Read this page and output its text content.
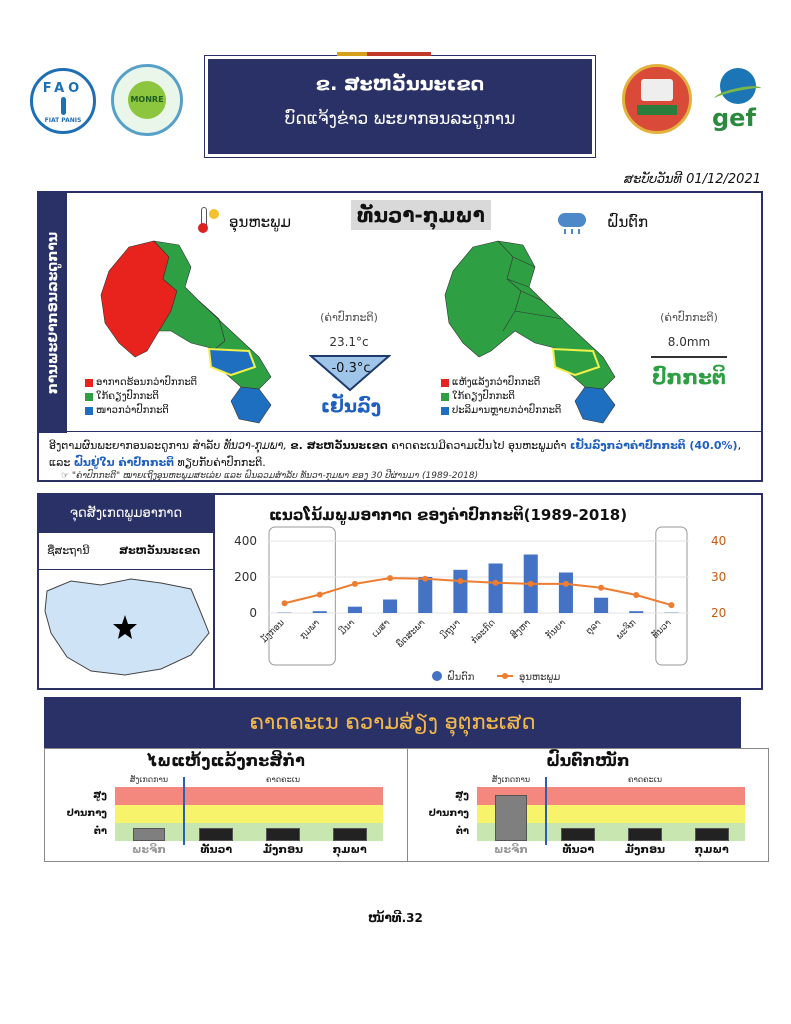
FAO
FIAT PANIS
MONRE
ຂ. ສະຫວັນນະເຂດ
ບົດແຈ້ງຂ່າວ ພະຍາກອນລະດູການ	gef
ສະບັບວັນທີ 01/12/2021
ການພະຍາກອນລະດູການ
ທັນວາ-ກຸມພາ
ອຸນຫະພູມ	ຝົນຕົກ
ອາກາດຮ້ອນກວ່າປົກກະຕິ
ໃກ້ຄຽງປົກກະຕິ
ໜາວກວ່າປົກກະຕິ
(ຄ່າປົກກະຕິ)
23.1°c
-0.3°c
ເຢັນລົງ
ແຫ້ງແລ້ງກວ່າປົກກະຕິ
ໃກ້ຄຽງປົກກະຕິ
ປະລິມານຫຼາຍກວ່າປົກກະຕິ
(ຄ່າປົກກະຕິ)
8.0mm
ປົກກະຕິ
ອີງຕາມຜົນພະຍາກອນລະດູການ ສຳລັບ ທັນວາ-ກຸມພາ, ຂ. ສະຫວັນນະເຂດ ຄາດຄະເນມີຄວາມເປັນໄປ ອຸນຫະພູມຕ່ຳ ເຢັນລົງກວ່າຄ່າປົກກະຕິ (40.0%), ແລະ ຝົນຢູ່ໃນ ຄ່າປົກກະຕິ ທຽບກັບຄ່າປົກກະຕິ.
☞ "ຄ່າປົກກະຕິ" ໝາຍເຖິງອຸນຫະພູມສະເລ່ຍ ແລະ ຝົນລວມສຳລັບ ທັນວາ-ກຸມພາ ຂອງ 30 ປີຜ່ານມາ (1989-2018)
ຈຸດສັງເກດພູມອາກາດ
ຊື່ສະຖານີ	ສະຫວັນນະເຂດ
ແນວໂນ້ມພູມອາກາດ ຂອງຄ່າປົກກະຕິ(1989-2018)
400
200
0
40
30
20
ມັງກອນ ກຸມພາ ມີນາ ເມສາ ພຶດສະພາ ມິຖຸນາ ກໍລະກົດ ສິງຫາ ກັນຍາ ຕຸລາ ພະຈິກ ທັນວາ
ຝົນຕົກ	ອຸນຫະພູມ
ຄາດຄະເນ ຄວາມສ່ຽງ ອຸຕຸກະເສດ
ໄພແຫ້ງແລ້ງກະສິກຳ
ສູງ
ປານກາງ
ຕ່ຳ
ສັງເກດການ	ຄາດຄະເນ
ພະຈິກ	ທັນວາ	ມັງກອນ	ກຸມພາ
ຝົນຕົກໜັກ
ສູງ
ປານກາງ
ຕ່ຳ
ສັງເກດການ	ຄາດຄະເນ
ພະຈິກ	ທັນວາ	ມັງກອນ	ກຸມພາ
ໜ້າທີ.32
